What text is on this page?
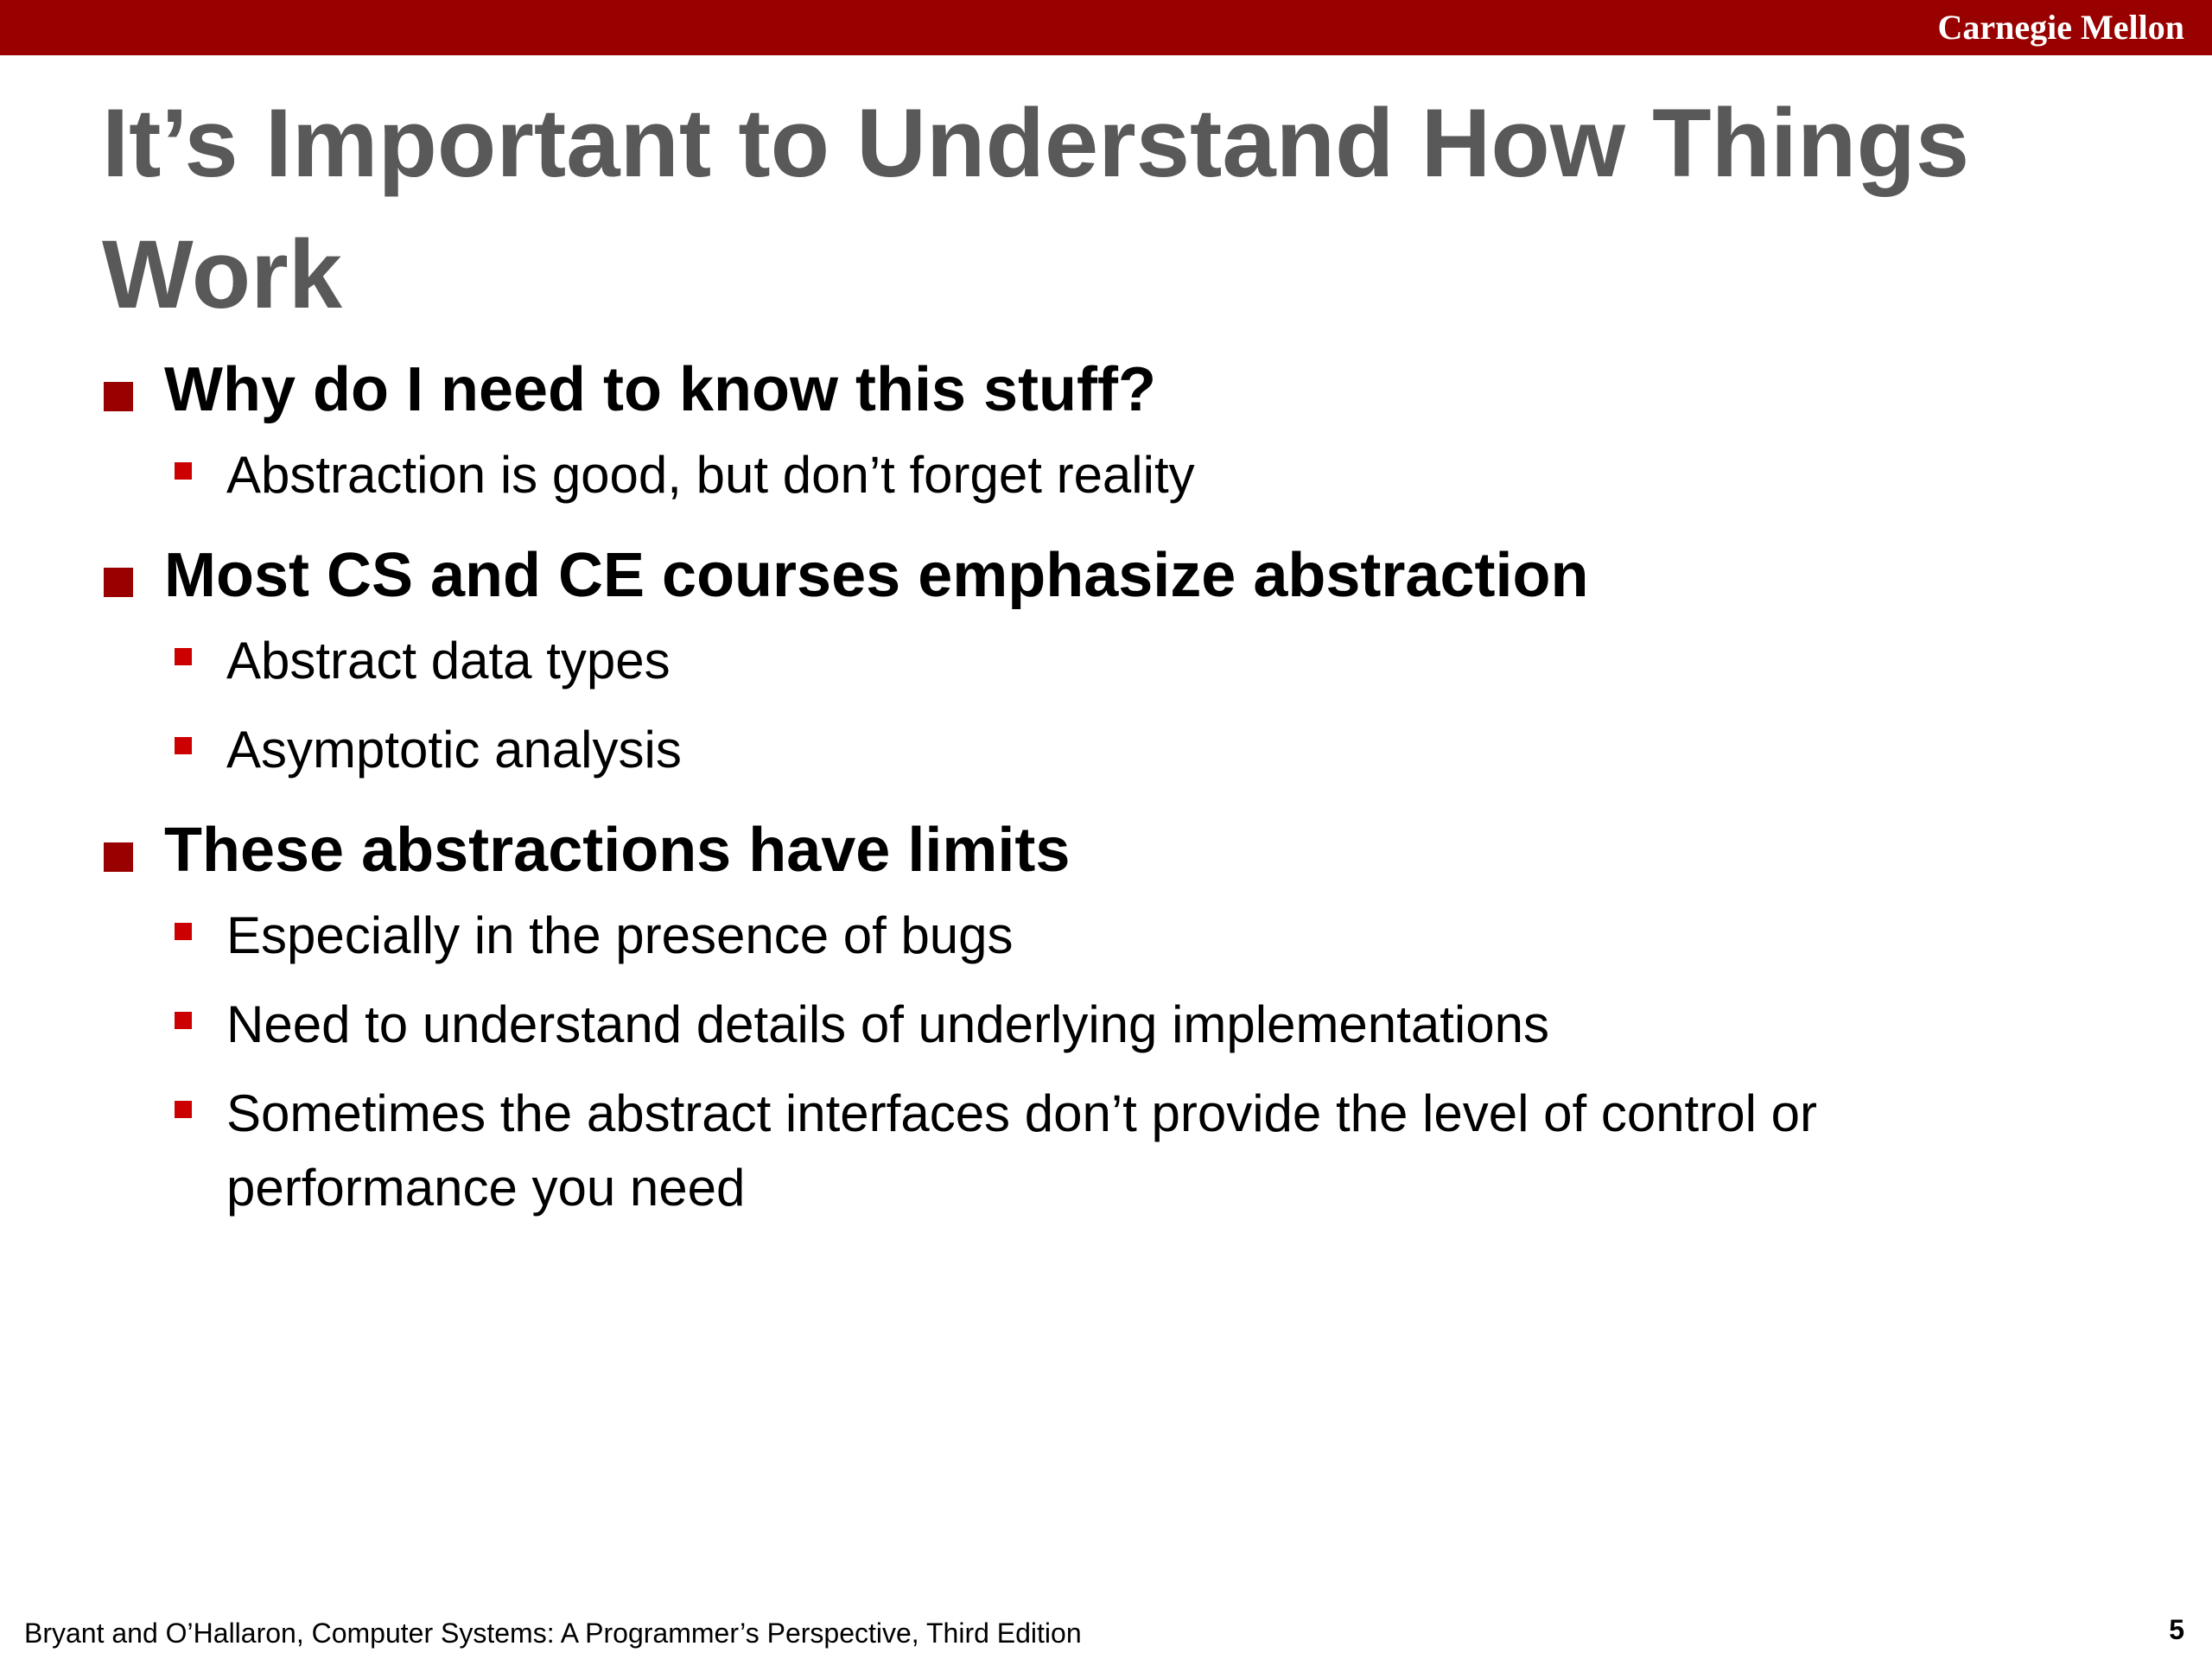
Carnegie Mellon
It’s Important to Understand How Things Work
Why do I need to know this stuff?
Abstraction is good, but don’t forget reality
Most CS and CE courses emphasize abstraction
Abstract data types
Asymptotic analysis
These abstractions have limits
Especially in the presence of bugs
Need to understand details of underlying implementations
Sometimes the abstract interfaces don’t provide the level of control or performance you need
Bryant and O’Hallaron, Computer Systems: A Programmer’s Perspective, Third Edition	5
